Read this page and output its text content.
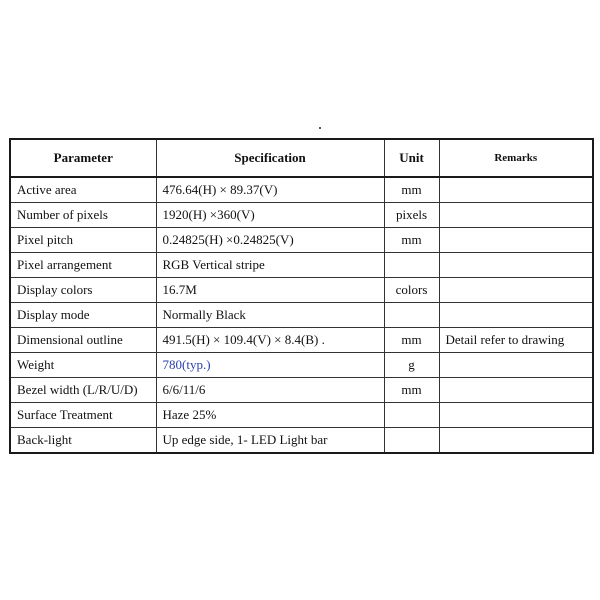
Parameter	Specification	Unit	Remarks
Active area	476.64(H) × 89.37(V)	mm	
Number of pixels	1920(H) ×360(V)	pixels	
Pixel pitch	0.24825(H) ×0.24825(V)	mm	
Pixel arrangement	RGB Vertical stripe		
Display colors	16.7M	colors	
Display mode	Normally Black		
Dimensional outline	491.5(H) × 109.4(V) × 8.4(B) .	mm	Detail refer to drawing
Weight	780(typ.)	g	
Bezel width (L/R/U/D)	6/6/11/6	mm	
Surface Treatment	Haze 25%		
Back-light	Up edge side, 1- LED Light bar		
